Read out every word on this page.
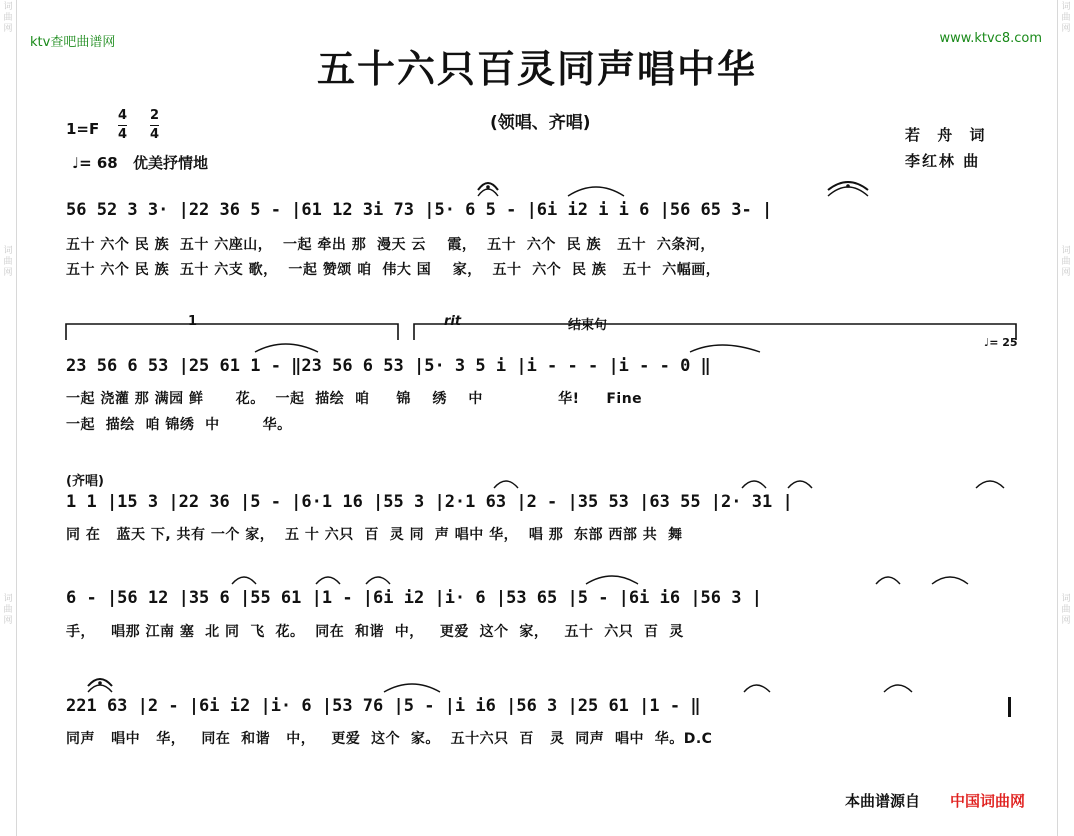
词 曲 网
词 曲 网
词 曲 网
词 曲 网
词 曲 网
词 曲 网
ktv查吧曲谱网	www.ktvc8.com
五十六只百灵同声唱中华
1=F
4
4
2
4
♩= 68 优美抒情地
(领唱、齐唱)
若 舟 词
李红林 曲
56 52 3 3· |22 36 5 - |61 12 3i 73 |5· 6 5 - |6i i2 i i 6 |56 65 3- |
五十 六个 民 族  五十 六座山，  一起 牵出 那  漫天 云    霞，  五十  六个  民 族   五十  六条河，
五十 六个 民 族  五十 六支 歌，  一起 赞颂 咱  伟大 国    家，  五十  六个  民 族   五十  六幅画，
1	rit	结束句
♩= 25
23 56 6 53 |25 61 1 - ‖23 56 6 53 |5· 3 5 i |i - - - |i - - 0 ‖
一起 浇灌 那 满园 鲜      花。  一起  描绘  咱     锦    绣    中              华!     Fine
一起  描绘  咱 锦绣  中        华。
(齐唱)
1 1 |15 3 |22 36 |5 - |6·1 16 |55 3 |2·1 63 |2 - |35 53 |63 55 |2· 31 |
同 在   蓝天 下, 共有 一个 家，  五 十 六只  百  灵 同  声 唱中 华，  唱 那  东部 西部 共  舞
6 - |56 12 |35 6 |55 61 |1 - |6i i2 |i· 6 |53 65 |5 - |6i i6 |56 3 |
手，   唱那 江南 塞  北 同  飞  花。  同在  和谐  中，   更爱  这个  家，   五十  六只  百  灵
221 63 |2 - |6i i2 |i· 6 |53 76 |5 - |i i6 |56 3 |25 61 |1 - ‖
同声   唱中   华，   同在  和谐   中，   更爱  这个  家。  五十六只  百   灵  同声  唱中  华。D.C
本曲谱源自 中国词曲网
